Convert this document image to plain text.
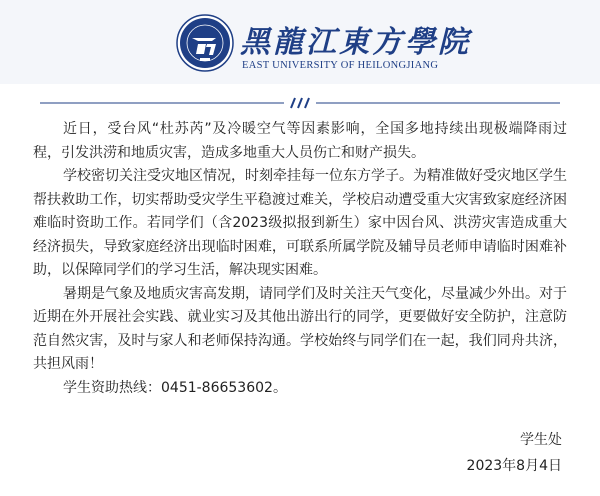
黑龍江東方學院
EAST UNIVERSITY OF HEILONGJIANG

近日，受台风“杜苏芮”及冷暖空气等因素影响，全国多地持续出现极端降雨过程，引发洪涝和地质灾害，造成多地重大人员伤亡和财产损失。

学校密切关注受灾地区情况，时刻牵挂每一位东方学子。为精准做好受灾地区学生帮扶救助工作，切实帮助受灾学生平稳渡过难关，学校启动遭受重大灾害致家庭经济困难临时资助工作。若同学们（含2023级拟报到新生）家中因台风、洪涝灾害造成重大经济损失，导致家庭经济出现临时困难，可联系所属学院及辅导员老师申请临时困难补助，以保障同学们的学习生活，解决现实困难。

暑期是气象及地质灾害高发期，请同学们及时关注天气变化，尽量减少外出。对于近期在外开展社会实践、就业实习及其他出游出行的同学，更要做好安全防护，注意防范自然灾害，及时与家人和老师保持沟通。学校始终与同学们在一起，我们同舟共济，共担风雨！

学生资助热线：0451-86653602。

学生处
2023年8月4日
